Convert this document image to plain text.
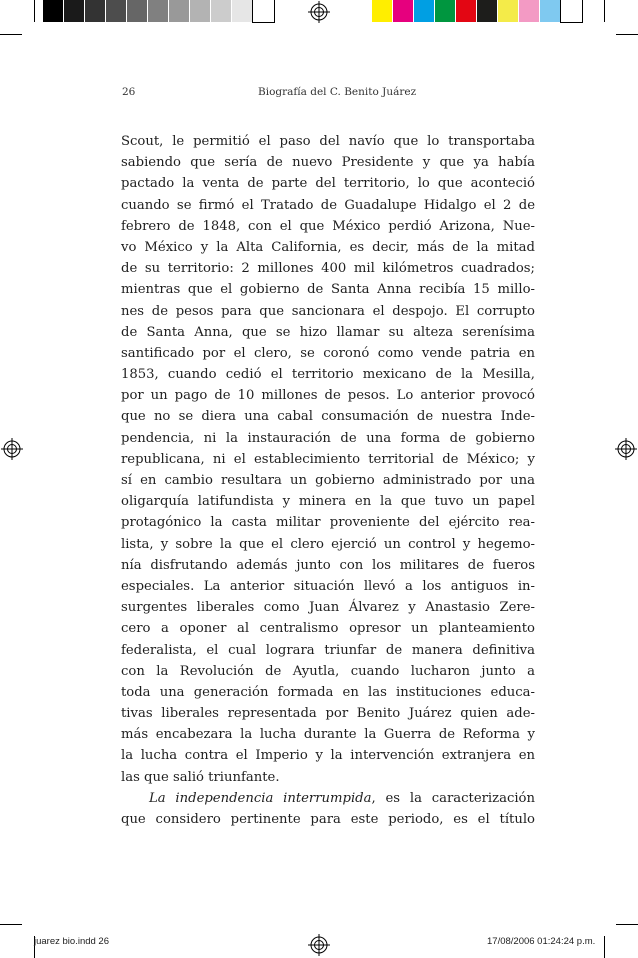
26	Biografía del C. Benito Juárez
Scout, le permitió el paso del navío que lo transportaba
sabiendo que sería de nuevo Presidente y que ya había
pactado la venta de parte del territorio, lo que aconteció
cuando se firmó el Tratado de Guadalupe Hidalgo el 2 de
febrero de 1848, con el que México perdió Arizona, Nue-
vo México y la Alta California, es decir, más de la mitad
de su territorio: 2 millones 400 mil kilómetros cuadrados;
mientras que el gobierno de Santa Anna recibía 15 millo-
nes de pesos para que sancionara el despojo. El corrupto
de Santa Anna, que se hizo llamar su alteza serenísima
santificado por el clero, se coronó como vende patria en
1853, cuando cedió el territorio mexicano de la Mesilla,
por un pago de 10 millones de pesos. Lo anterior provocó
que no se diera una cabal consumación de nuestra Inde-
pendencia, ni la instauración de una forma de gobierno
republicana, ni el establecimiento territorial de México; y
sí en cambio resultara un gobierno administrado por una
oligarquía latifundista y minera en la que tuvo un papel
protagónico la casta militar proveniente del ejército rea-
lista, y sobre la que el clero ejerció un control y hegemo-
nía disfrutando además junto con los militares de fueros
especiales. La anterior situación llevó a los antiguos in-
surgentes liberales como Juan Álvarez y Anastasio Zere-
cero a oponer al centralismo opresor un planteamiento
federalista, el cual lograra triunfar de manera definitiva
con la Revolución de Ayutla, cuando lucharon junto a
toda una generación formada en las instituciones educa-
tivas liberales representada por Benito Juárez quien ade-
más encabezara la lucha durante la Guerra de Reforma y
la lucha contra el Imperio y la intervención extranjera en
las que salió triunfante.
La independencia interrumpida, es la caracterización
que considero pertinente para este periodo, es el título
juarez bio.indd 26	17/08/2006 01:24:24 p.m.
